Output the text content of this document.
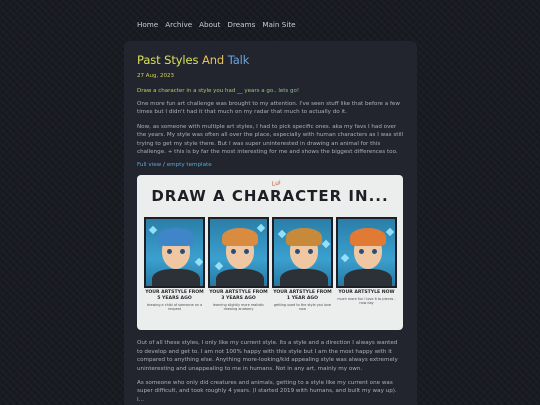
Home Archive About Dreams Main Site
Past Styles And Talk
27 Aug, 2023
Draw a character in a style you had __ years a go.. lets go!

One more fun art challenge was brought to my attention. I've seen stuff like that before a few times but I didn't had it that much on my radar that much to actually do it.

Now, as someone with multiple art styles, I had to pick specific ones. aka my favs I had over the years. My style was often all over the place, especially with human characters as I was still trying to get my style there. But I was super uninterested in drawing an animal for this challenge. + this is by far the most interesting for me and shows the biggest differences too.

Full view / empty template
DRAW A CHARACTER IN...
Lui
YOUR ARTSTYLE FROM 5 YEARS AGO
drawing a chibi of someone on a request
YOUR ARTSTYLE FROM 3 YEARS AGO
learning slightly more realistic drawing anatomy
YOUR ARTSTYLE FROM 1 YEAR AGO
getting used to the style you love now
YOUR ARTSTYLE NOW
much more fun I love it to pieces - now day

Out of all these styles, I only like my current style. Its a style and a direction I always wanted to develop and get to. I am not 100% happy with this style but I am the most happy with it compared to anything else. Anything more-looking/kid appealing style was always extremely uninteresting and unappealing to me in humans. Not in any art, mainly my own.

As someone who only did creatures and animals, getting to a style like my current one was super difficult, and took roughly 4 years. (I started 2019 with humans, and built my way up). I...
